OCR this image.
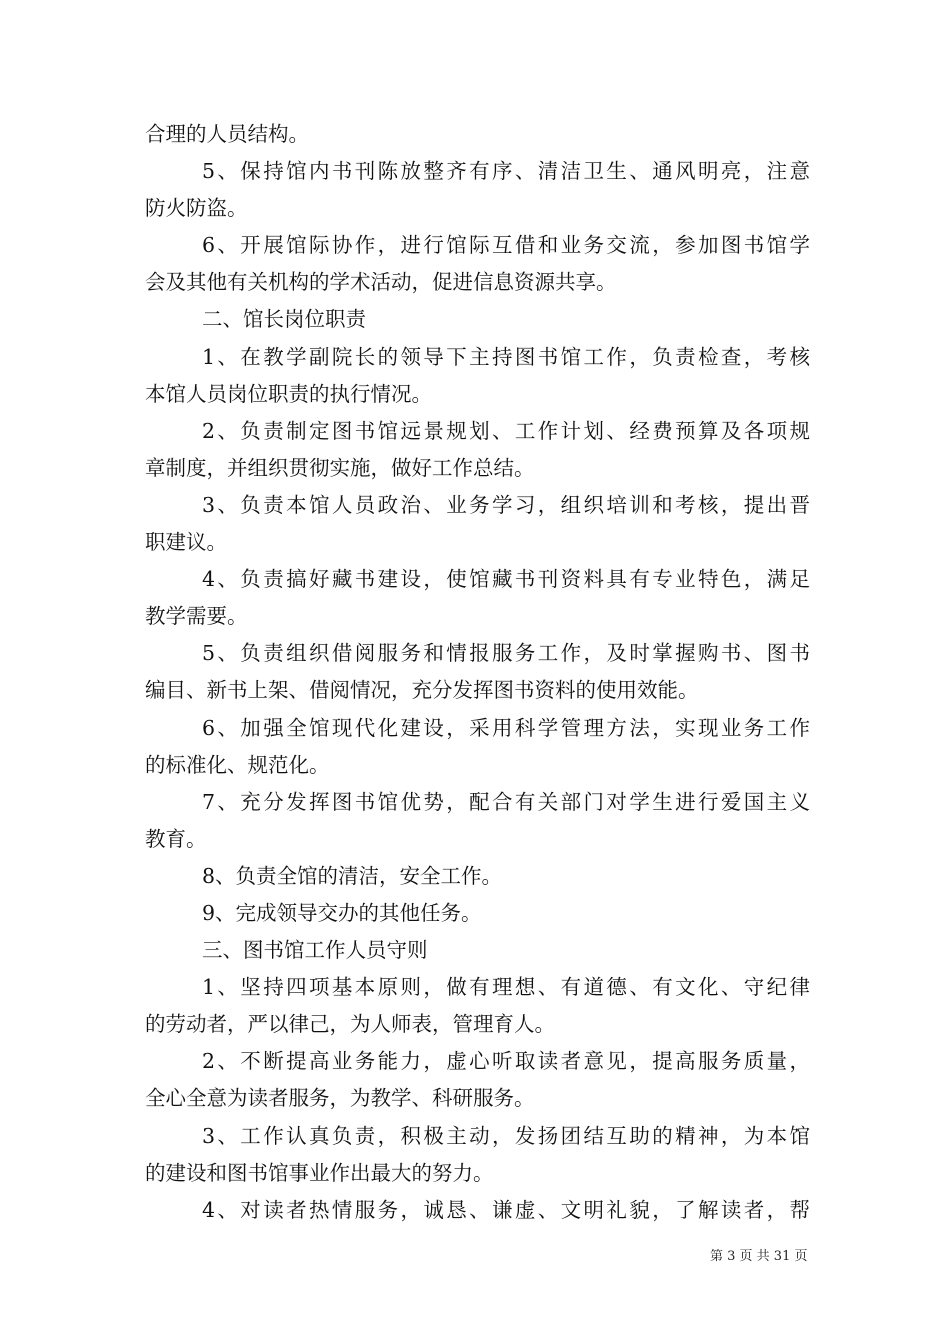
合理的人员结构。
5、保持馆内书刊陈放整齐有序、清洁卫生、通风明亮，注意
防火防盗。
6、开展馆际协作，进行馆际互借和业务交流，参加图书馆学
会及其他有关机构的学术活动，促进信息资源共享。
二、馆长岗位职责
1、在教学副院长的领导下主持图书馆工作，负责检查，考核
本馆人员岗位职责的执行情况。
2、负责制定图书馆远景规划、工作计划、经费预算及各项规
章制度，并组织贯彻实施，做好工作总结。
3、负责本馆人员政治、业务学习，组织培训和考核，提出晋
职建议。
4、负责搞好藏书建设，使馆藏书刊资料具有专业特色，满足
教学需要。
5、负责组织借阅服务和情报服务工作，及时掌握购书、图书
编目、新书上架、借阅情况，充分发挥图书资料的使用效能。
6、加强全馆现代化建设，采用科学管理方法，实现业务工作
的标准化、规范化。
7、充分发挥图书馆优势，配合有关部门对学生进行爱国主义
教育。
8、负责全馆的清洁，安全工作。
9、完成领导交办的其他任务。
三、图书馆工作人员守则
1、坚持四项基本原则，做有理想、有道德、有文化、守纪律
的劳动者，严以律己，为人师表，管理育人。
2、不断提高业务能力，虚心听取读者意见，提高服务质量，
全心全意为读者服务，为教学、科研服务。
3、工作认真负责，积极主动，发扬团结互助的精神，为本馆
的建设和图书馆事业作出最大的努力。
4、对读者热情服务，诚恳、谦虚、文明礼貌，了解读者，帮
第 3 页 共 31 页
